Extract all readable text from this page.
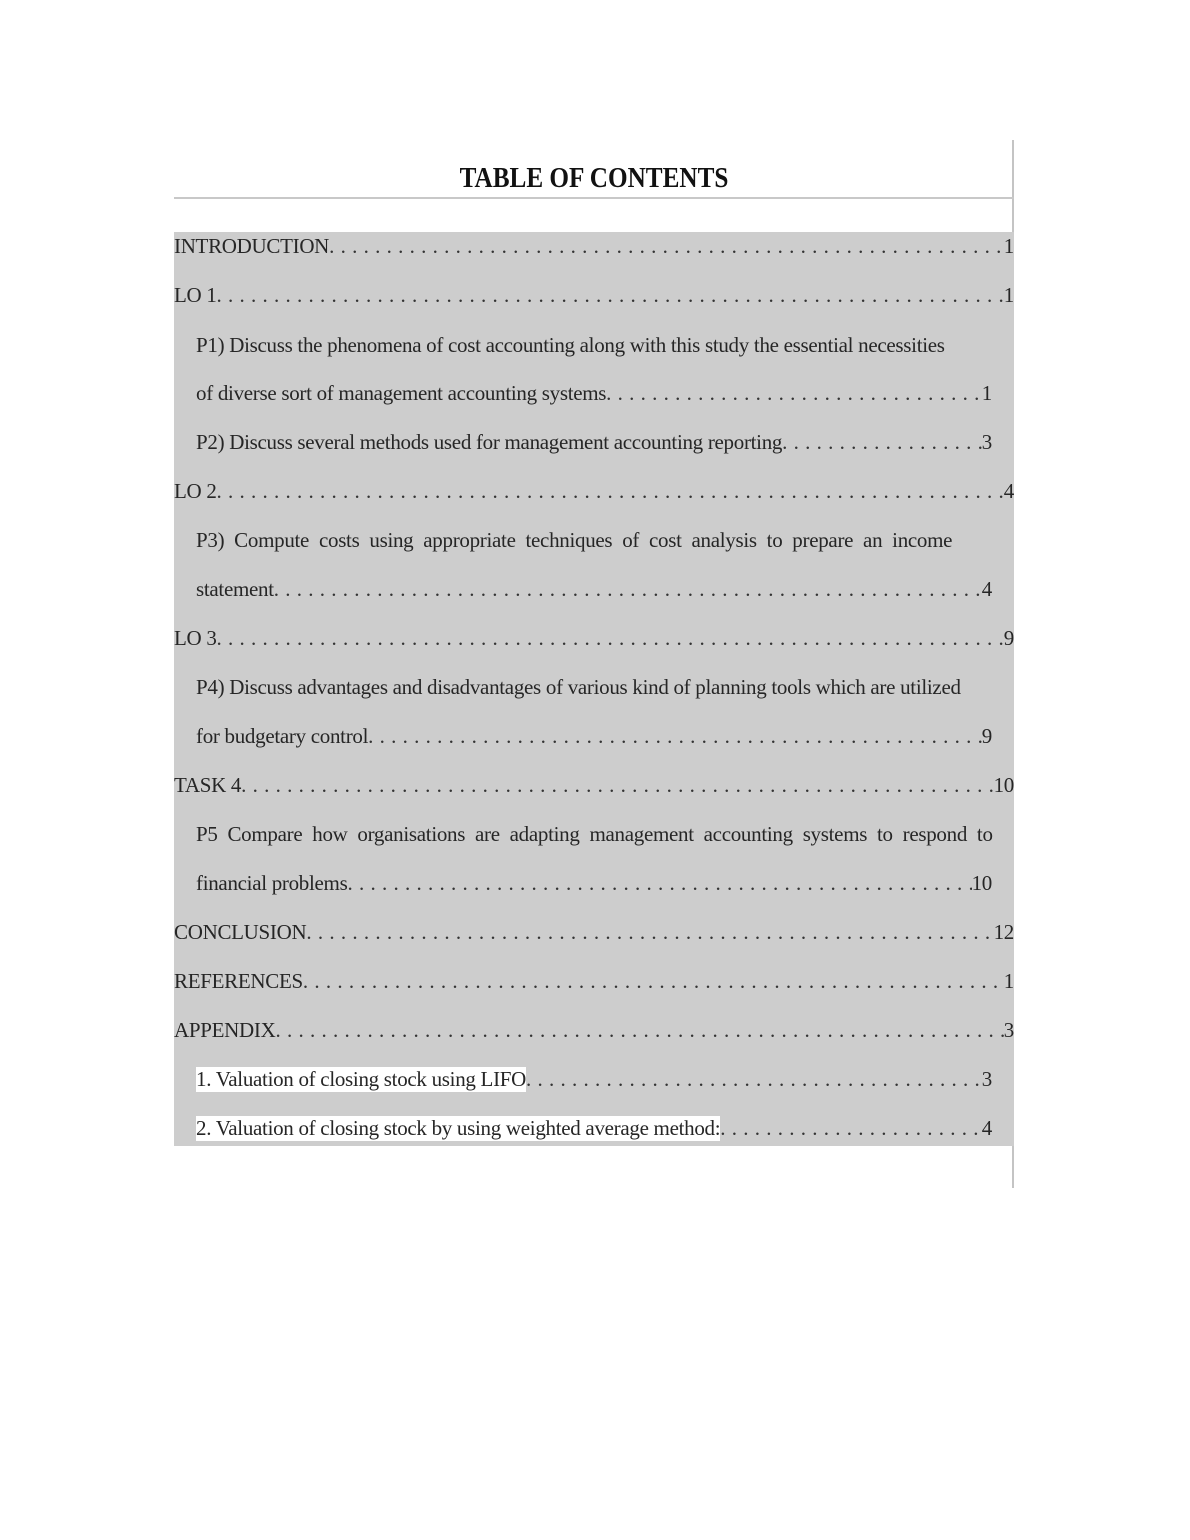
TABLE OF CONTENTS
INTRODUCTION . . .	1
LO 1 . . .	1
P1) Discuss the phenomena of cost accounting along with this study the essential necessities
of diverse sort of management accounting systems . . .	1
P2) Discuss several methods used for management accounting reporting . . .	3
LO 2 . . .	4
P3)  Compute  costs  using  appropriate  techniques  of  cost  analysis  to  prepare  an  income
statement . . .	4
LO 3 . . .	9
P4) Discuss advantages and disadvantages of various kind of planning tools which are utilized
for budgetary control . . .	9
TASK 4 . . .	10
P5  Compare  how  organisations  are  adapting  management  accounting  systems  to  respond  to
financial problems . . .	10
CONCLUSION . . .	12
REFERENCES . . .	1
APPENDIX . . .	3
1. Valuation of closing stock using LIFO . . .	3
2. Valuation of closing stock by using weighted average method: . . .	4
